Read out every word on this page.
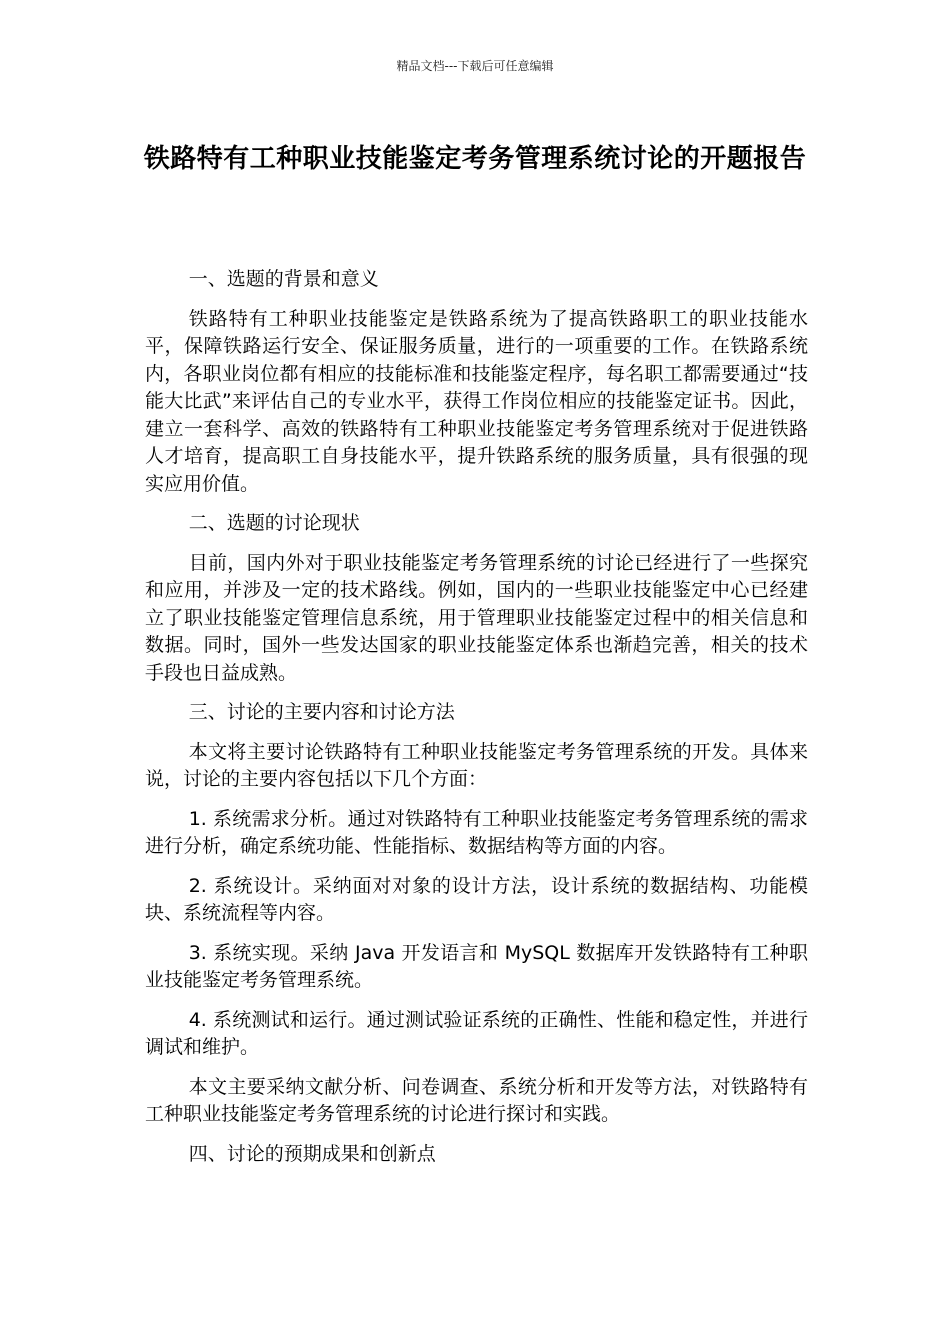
精品文档---下载后可任意编辑
铁路特有工种职业技能鉴定考务管理系统讨论的开题报告

一、选题的背景和意义

铁路特有工种职业技能鉴定是铁路系统为了提高铁路职工的职业技能水平，保障铁路运行安全、保证服务质量，进行的一项重要的工作。在铁路系统内，各职业岗位都有相应的技能标准和技能鉴定程序，每名职工都需要通过“技能大比武”来评估自己的专业水平，获得工作岗位相应的技能鉴定证书。因此，建立一套科学、高效的铁路特有工种职业技能鉴定考务管理系统对于促进铁路人才培育，提高职工自身技能水平，提升铁路系统的服务质量，具有很强的现实应用价值。

二、选题的讨论现状

目前，国内外对于职业技能鉴定考务管理系统的讨论已经进行了一些探究和应用，并涉及一定的技术路线。例如，国内的一些职业技能鉴定中心已经建立了职业技能鉴定管理信息系统，用于管理职业技能鉴定过程中的相关信息和数据。同时，国外一些发达国家的职业技能鉴定体系也渐趋完善，相关的技术手段也日益成熟。

三、讨论的主要内容和讨论方法

本文将主要讨论铁路特有工种职业技能鉴定考务管理系统的开发。具体来说，讨论的主要内容包括以下几个方面：

1. 系统需求分析。通过对铁路特有工种职业技能鉴定考务管理系统的需求进行分析，确定系统功能、性能指标、数据结构等方面的内容。

2. 系统设计。采纳面对对象的设计方法，设计系统的数据结构、功能模块、系统流程等内容。

3. 系统实现。采纳 Java 开发语言和 MySQL 数据库开发铁路特有工种职业技能鉴定考务管理系统。

4. 系统测试和运行。通过测试验证系统的正确性、性能和稳定性，并进行调试和维护。

本文主要采纳文献分析、问卷调查、系统分析和开发等方法，对铁路特有工种职业技能鉴定考务管理系统的讨论进行探讨和实践。

四、讨论的预期成果和创新点
